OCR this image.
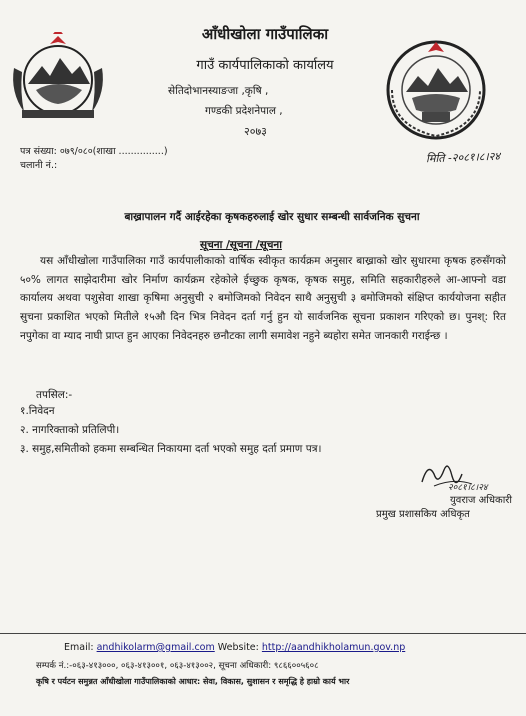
आँधीखोला गाउँपालिका
गाउँ कार्यपालिकाको कार्यालय
सेतिदोभानस्याङजा ,कृषि ,
गण्डकी प्रदेशनेपाल ,
२०७३
पत्र संख्या: ०७९/०८०(शाखा ...............)
चलानी नं.:
मिति -२०८१।८।२४
बाख्रापालन गर्दै आईरहेका कृषकहरुलाई खोर सुधार सम्बन्धी सार्वजनिक सुचना
सूचना /सूचना /सूचना
यस आँधीखोला गाउँपालिका गाउँ कार्यपालीकाको वार्षिक स्वीकृत कार्यक्रम अनुसार बाख्राको खोर सुधारमा कृषक हरुसँगको ५०% लागत साझेदारीमा खोर निर्माण कार्यक्रम रहेकोले ईच्छुक कृषक, कृषक समुह, समिति सहकारीहरुले आ-आफ्नो वडा कार्यालय अथवा पशुसेवा शाखा कृषिमा अनुसुची २ बमोजिमको निवेदन साथै अनुसुची ३ बमोजिमको संक्षिप्त कार्ययोजना सहीत सुचना प्रकाशित भएको मितीले १५औ दिन भित्र निवेदन दर्ता गर्नु हुन यो सार्वजनिक सूचना प्रकाशन गरिएको छ। पुनश्: रित नपुगेका वा म्याद नाघी प्राप्त हुन आएका निवेदनहरु छनौटका लागी समावेश नहुने ब्यहोरा समेत जानकारी गराईन्छ ।
तपसिल:-
१.निवेदन
२. नागरिक्ताको प्रतिलिपी।
३. समुह,समितीको हकमा सम्बन्धित निकायमा दर्ता भएको समुह दर्ता प्रमाण पत्र।
२०८१।८।२४
युवराज अधिकारी
प्रमुख प्रशासकिय अधिकृत
Email: andhikolarm@gmail.com Website: http://aandhikholamun.gov.np
सम्पर्क नं.:-०६३-४१३०००, ०६३-४१३००१, ०६३-४१३००२, सूचना अधिकारी: ९८६६००५६०८
कृषि र पर्यटन समुन्नत आँधीखोला गाउँपालिकाको आधार: सेवा, विकास, सुशासन र समृद्धि हे हाम्रो कार्य भार
